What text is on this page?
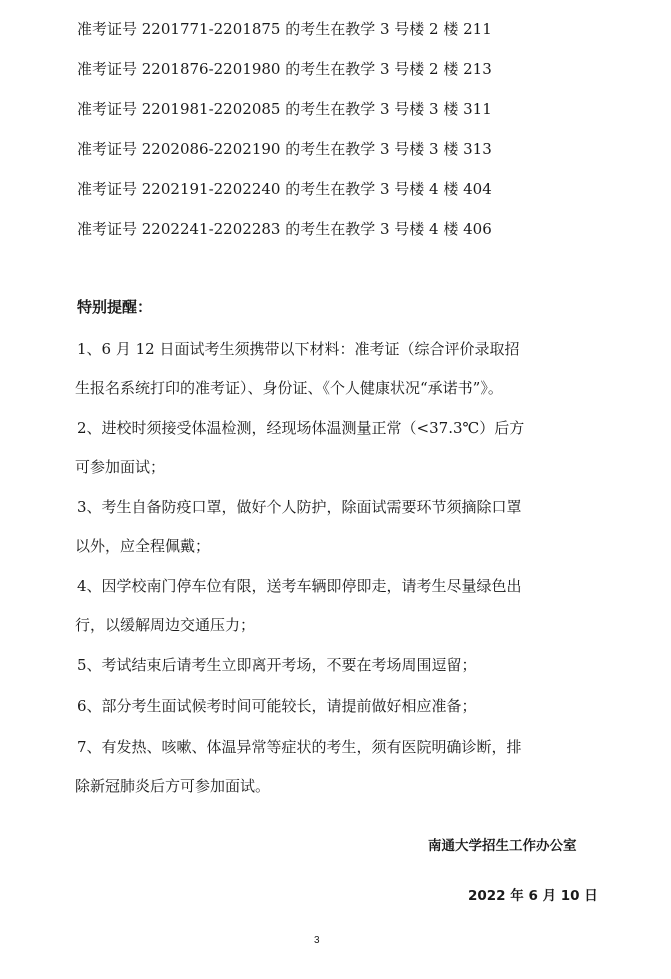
准考证号 2201771-2201875 的考生在教学 3 号楼 2 楼 211
准考证号 2201876-2201980 的考生在教学 3 号楼 2 楼 213
准考证号 2201981-2202085 的考生在教学 3 号楼 3 楼 311
准考证号 2202086-2202190 的考生在教学 3 号楼 3 楼 313
准考证号 2202191-2202240 的考生在教学 3 号楼 4 楼 404
准考证号 2202241-2202283 的考生在教学 3 号楼 4 楼 406
特别提醒：
1、6 月 12 日面试考生须携带以下材料：准考证（综合评价录取招
生报名系统打印的准考证）、身份证、《个人健康状况“承诺书”》。
2、进校时须接受体温检测，经现场体温测量正常（<37.3℃）后方
可参加面试；
3、考生自备防疫口罩，做好个人防护，除面试需要环节须摘除口罩
以外，应全程佩戴；
4、因学校南门停车位有限，送考车辆即停即走，请考生尽量绿色出
行，以缓解周边交通压力；
5、考试结束后请考生立即离开考场，不要在考场周围逗留；
6、部分考生面试候考时间可能较长，请提前做好相应准备；
7、有发热、咳嗽、体温异常等症状的考生，须有医院明确诊断，排
除新冠肺炎后方可参加面试。
南通大学招生工作办公室
2022 年 6 月 10 日
3
